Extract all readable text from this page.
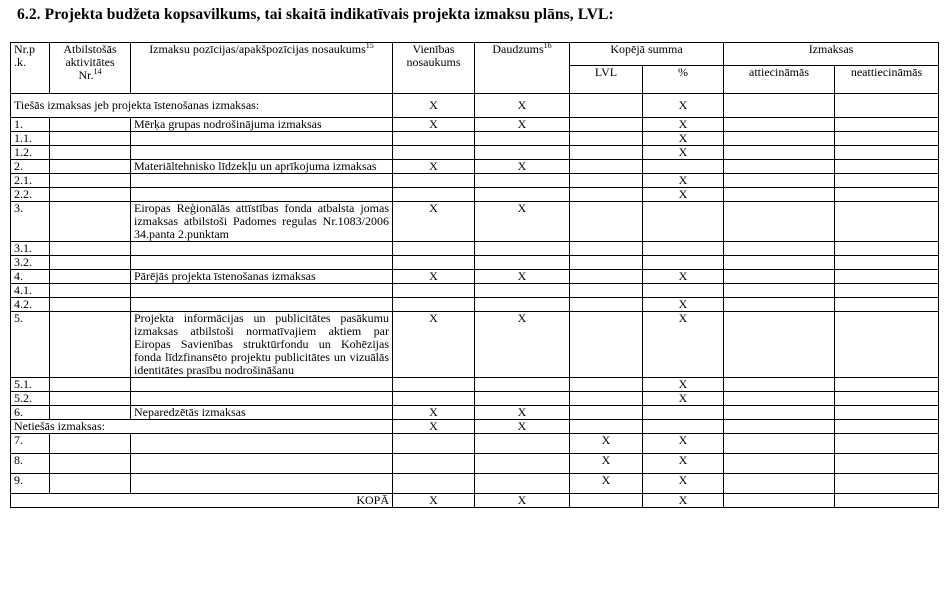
6.2. Projekta budžeta kopsavilkums, tai skaitā indikatīvais projekta izmaksu plāns, LVL:
Nr.p .k.	Atbilstošās aktivitātes Nr.$^{14}$	Izmaksu pozīcijas/apakšpozīcijas nosaukums$^{15}$	Vienības nosaukums	Daudzums$^{16}$	Kopējā summa		Izmaksas	
					LVL	%	attiecināmās	neattiecināmās
Tiešās izmaksas jeb projekta īstenošanas izmaksas:			X	X		X		
1.		Mērķa grupas nodrošinājuma izmaksas	X	X		X		
1.1.						X		
1.2.						X		
2.		Materiāltehnisko līdzekļu un aprīkojuma izmaksas	X	X				
2.1.						X		
2.2.						X		
3.		Eiropas Reģionālās attīstības fonda atbalsta jomas izmaksas atbilstoši Padomes regulas Nr.1083/2006 34.panta 2.punktam	X	X				
3.1.								
3.2.								
4.		Pārējās projekta īstenošanas izmaksas	X	X		X		
4.1.								
4.2.						X		
5.		Projekta informācijas un publicitātes pasākumu izmaksas atbilstoši normatīvajiem aktiem par Eiropas Savienības struktūrfondu un Kohēzijas fonda līdzfinansēto projektu publicitātes un vizuālās identitātes prasību nodrošināšanu	X	X		X		
5.1.						X		
5.2.						X		
6.		Neparedzētās izmaksas	X	X				
Netiešās izmaksas:			X	X				
7.					X	X		
8.					X	X		
9.					X	X		
KOPĀ			X	X		X		
